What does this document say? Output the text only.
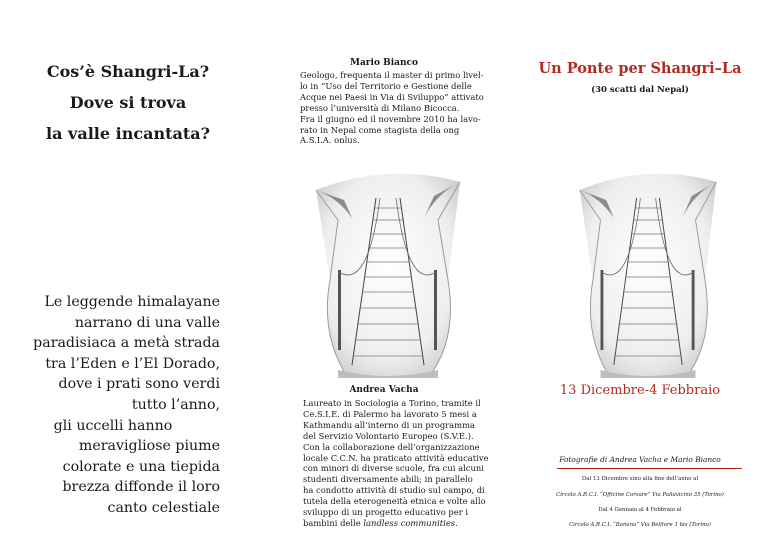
Cos’è Shangri-La?
Dove si trova
la valle incantata?
Le leggende himalayane
narrano di una valle
paradisiaca a metà strada
tra l’Eden e l’El Dorado,
dove i prati sono verdi
tutto l’anno,
gli uccelli hanno
meravigliose piume
colorate e una tiepida
brezza diffonde il loro
canto celestiale
Mario Bianco
Geologo, frequenta il master di primo livel-
lo in “Uso del Territorio e Gestione delle
Acque nei Paesi in Via di Sviluppo” attivato
presso l’università di Milano Bicocca.
Fra il giugno ed il novembre 2010 ha lavo-
rato in Nepal come stagista della ong
A.S.I.A. onlus.
Andrea Vacha
Laureato in Sociologia a Torino, tramite il
Ce.S.I.E. di Palermo ha lavorato 5 mesi a
Kathmandu all’interno di un programma
del Servizio Volontario Europeo (S.V.E.).
Con la collaborazione dell’organizzazione
locale C.C.N. ha praticato attività educative
con minori di diverse scuole, fra cui alcuni
studenti diversamente abili; in parallelo
ha condotto attività di studio sul campo, di
tutela della eterogeneità etnica e volte allo
sviluppo di un progetto educativo per i
bambini delle landless communities.
Un Ponte per Shangri–La
(30 scatti dal Nepal)
13 Dicembre-4 Febbraio
Fotografie di Andrea Vacha e Mario Bianco
Dal 13 Dicembre sino alla fine dell’anno al
Circolo A.R.C.I. “Officine Corsare” Via Pallavicino 35 (Torino)
Dal 4 Gennaio al 4 Febbraio al
Circolo A.R.C.I. “Banana” Via Belfiore 1 bis (Torino)
